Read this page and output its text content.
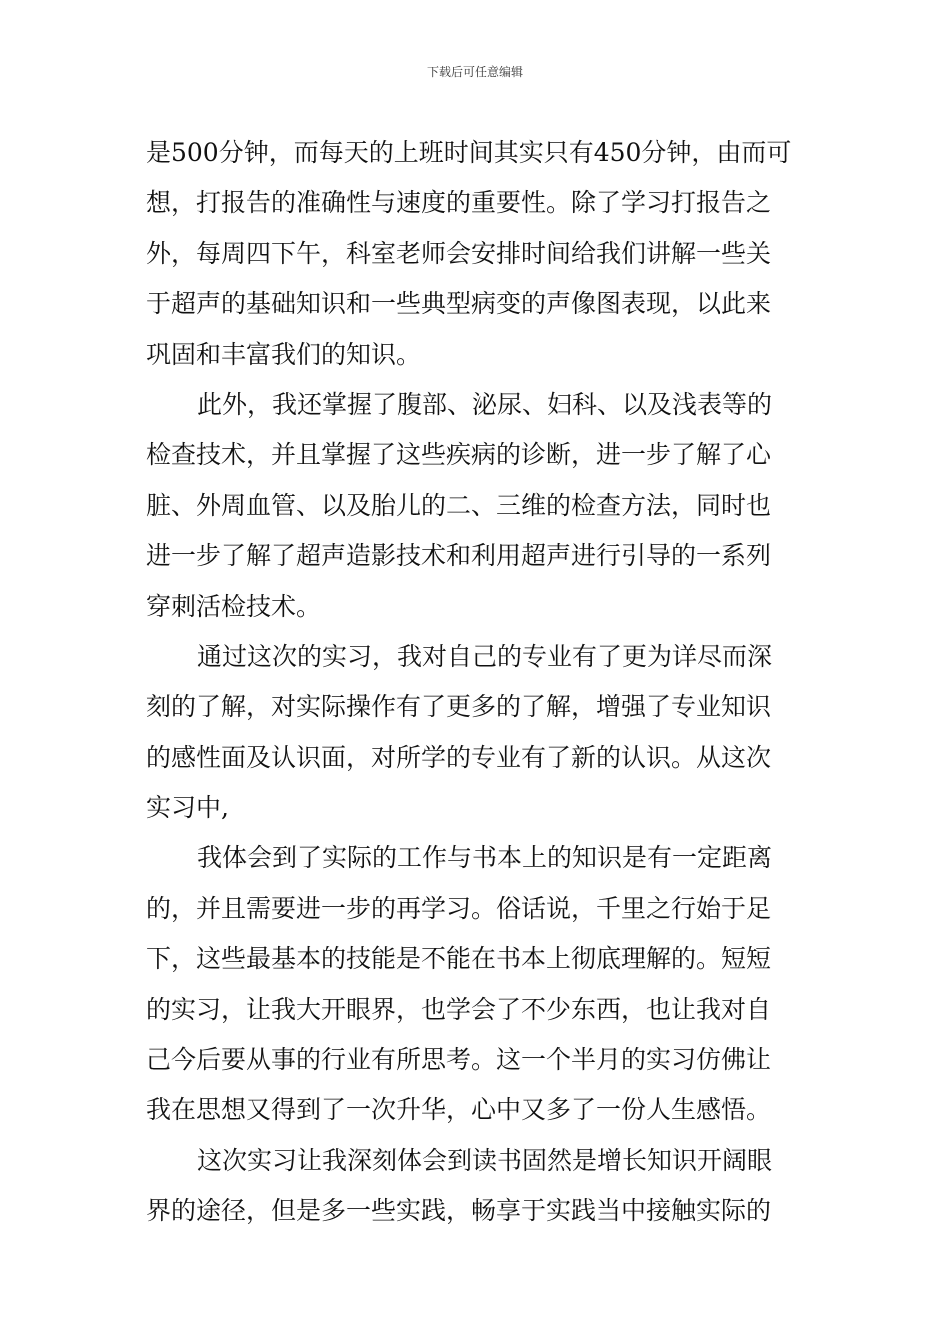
下载后可任意编辑
是500分钟，而每天的上班时间其实只有450分钟，由而可
想，打报告的准确性与速度的重要性。除了学习打报告之
外，每周四下午，科室老师会安排时间给我们讲解一些关
于超声的基础知识和一些典型病变的声像图表现，以此来
巩固和丰富我们的知识。
此外，我还掌握了腹部、泌尿、妇科、以及浅表等的
检查技术，并且掌握了这些疾病的诊断，进一步了解了心
脏、外周血管、以及胎儿的二、三维的检查方法，同时也
进一步了解了超声造影技术和利用超声进行引导的一系列
穿刺活检技术。
通过这次的实习，我对自己的专业有了更为详尽而深
刻的了解，对实际操作有了更多的了解，增强了专业知识
的感性面及认识面，对所学的专业有了新的认识。从这次
实习中,
我体会到了实际的工作与书本上的知识是有一定距离
的，并且需要进一步的再学习。俗话说，千里之行始于足
下，这些最基本的技能是不能在书本上彻底理解的。短短
的实习，让我大开眼界，也学会了不少东西，也让我对自
己今后要从事的行业有所思考。这一个半月的实习仿佛让
我在思想又得到了一次升华，心中又多了一份人生感悟。
这次实习让我深刻体会到读书固然是增长知识开阔眼
界的途径，但是多一些实践，畅享于实践当中接触实际的
